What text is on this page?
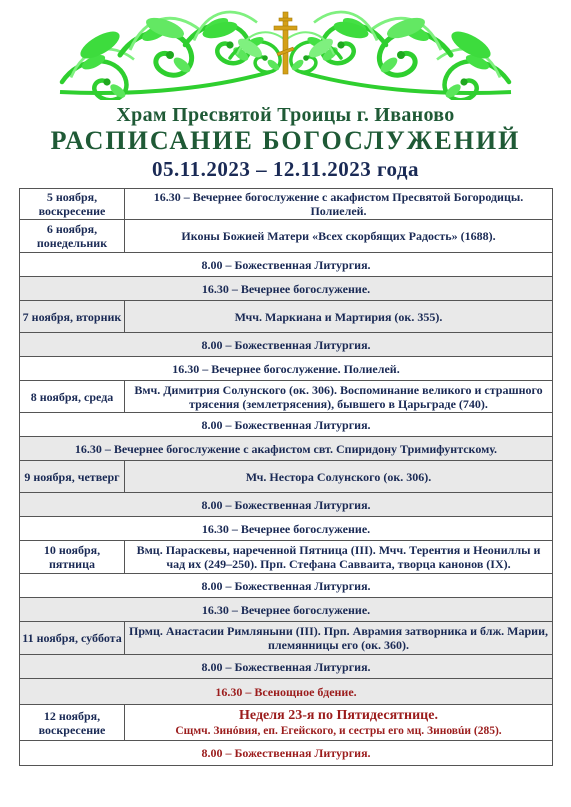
Храм Пресвятой Троицы г. Иваново
РАСПИСАНИЕ БОГОСЛУЖЕНИЙ
05.11.2023 – 12.11.2023 года
5 ноября, воскресение	16.30 – Вечернее богослужение с акафистом Пресвятой Богородицы. Полиелей.
6 ноября, понедельник	Иконы Божией Матери «Всех скорбящих Радость» (1688).
8.00 – Божественная Литургия.	
16.30 – Вечернее богослужение.	
7 ноября, вторник	Мчч. Маркиана и Мартирия (ок. 355).
8.00 – Божественная Литургия.	
16.30 – Вечернее богослужение. Полиелей.	
8 ноября, среда	Вмч. Димитрия Солунского (ок. 306). Воспоминание великого и страшного трясения (землетрясения), бывшего в Царьграде (740).
8.00 – Божественная Литургия.	
16.30 – Вечернее богослужение с акафистом свт. Спиридону Тримифунтскому.	
9 ноября, четверг	Мч. Нестора Солунского (ок. 306).
8.00 – Божественная Литургия.	
16.30 – Вечернее богослужение.	
10 ноября, пятница	Вмц. Параскевы, нареченной Пятница (III). Мчч. Терентия и Неониллы и чад их (249–250). Прп. Стефана Савваита, творца канонов (IX).
8.00 – Божественная Литургия.	
16.30 – Вечернее богослужение.	
11 ноября, суббота	Прмц. Анастасии Римляныни (III). Прп. Аврамия затворника и блж. Марии, племянницы его (ок. 360).
8.00 – Божественная Литургия.	
16.30 – Всенощное бдение.	
12 ноября, воскресение	Неделя 23-я по Пятидесятнице.
Сщмч. Зинóвия, еп. Егейского, и сестры его мц. Зиновúи (285).

8.00 – Божественная Литургия.	
